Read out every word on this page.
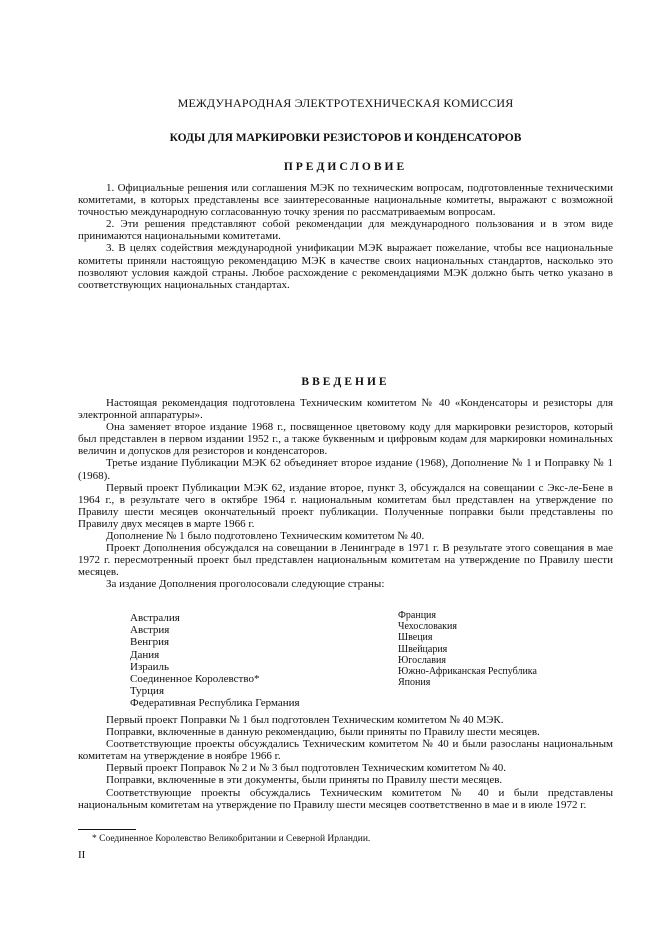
МЕЖДУНАРОДНАЯ ЭЛЕКТРОТЕХНИЧЕСКАЯ КОМИССИЯ
КОДЫ ДЛЯ МАРКИРОВКИ РЕЗИСТОРОВ И КОНДЕНСАТОРОВ
ПРЕДИСЛОВИЕ

1. Официальные решения или соглашения МЭК по техническим вопросам, подготовленные техническими комитетами, в которых представлены все заинтересованные национальные комитеты, выражают с возможной точностью международную согласованную точку зрения по рассматриваемым вопросам.

2. Эти решения представляют собой рекомендации для международного пользования и в этом виде принимаются национальными комитетами.

3. В целях содействия международной унификации МЭК выражает пожелание, чтобы все национальные комитеты приняли настоящую рекомендацию МЭК в качестве своих национальных стандартов, насколько это позволяют условия каждой страны. Любое расхождение с рекомендациями МЭК должно быть четко указано в соответствующих национальных стандартах.

ВВЕДЕНИЕ

Настоящая рекомендация подготовлена Техническим комитетом № 40 «Конденсаторы и резисторы для электронной аппаратуры».

Она заменяет второе издание 1968 г., посвященное цветовому коду для маркировки резисторов, который был представлен в первом издании 1952 г., а также буквенным и цифровым кодам для маркировки номинальных величин и допусков для резисторов и конденсаторов.

Третье издание Публикации МЭК 62 объединяет второе издание (1968), Дополнение № 1 и Поправку № 1 (1968).

Первый проект Публикации МЭК 62, издание второе, пункт 3, обсуждался на совещании с Экс-ле-Бене в 1964 г., в результате чего в октябре 1964 г. национальным комитетам был представлен на утверждение по Правилу шести месяцев окончательный проект публикации. Полученные поправки были представлены по Правилу двух месяцев в марте 1966 г.

Дополнение № 1 было подготовлено Техническим комитетом № 40.

Проект Дополнения обсуждался на совещании в Ленинграде в 1971 г. В результате этого совещания в мае 1972 г. пересмотренный проект был представлен национальным комитетам на утверждение по Правилу шести месяцев.

За издание Дополнения проголосовали следующие страны:

Австралия
Австрия
Венгрия
Дания
Израиль
Соединенное Королевство*
Турция
Федеративная Республика Германия
Франция
Чехословакия
Швеция
Швейцария
Югославия
Южно-Африканская Республика
Япония

Первый проект Поправки № 1 был подготовлен Техническим комитетом № 40 МЭК.

Поправки, включенные в данную рекомендацию, были приняты по Правилу шести месяцев.

Соответствующие проекты обсуждались Техническим комитетом № 40 и были разосланы национальным комитетам на утверждение в ноябре 1966 г.

Первый проект Поправок № 2 и № 3 был подготовлен Техническим комитетом № 40.

Поправки, включенные в эти документы, были приняты по Правилу шести месяцев.

Соответствующие проекты обсуждались Техническим комитетом № 40 и были представлены национальным комитетам на утверждение по Правилу шести месяцев соответственно в мае и в июле 1972 г.

* Соединенное Королевство Великобритании и Северной Ирландии.
II
